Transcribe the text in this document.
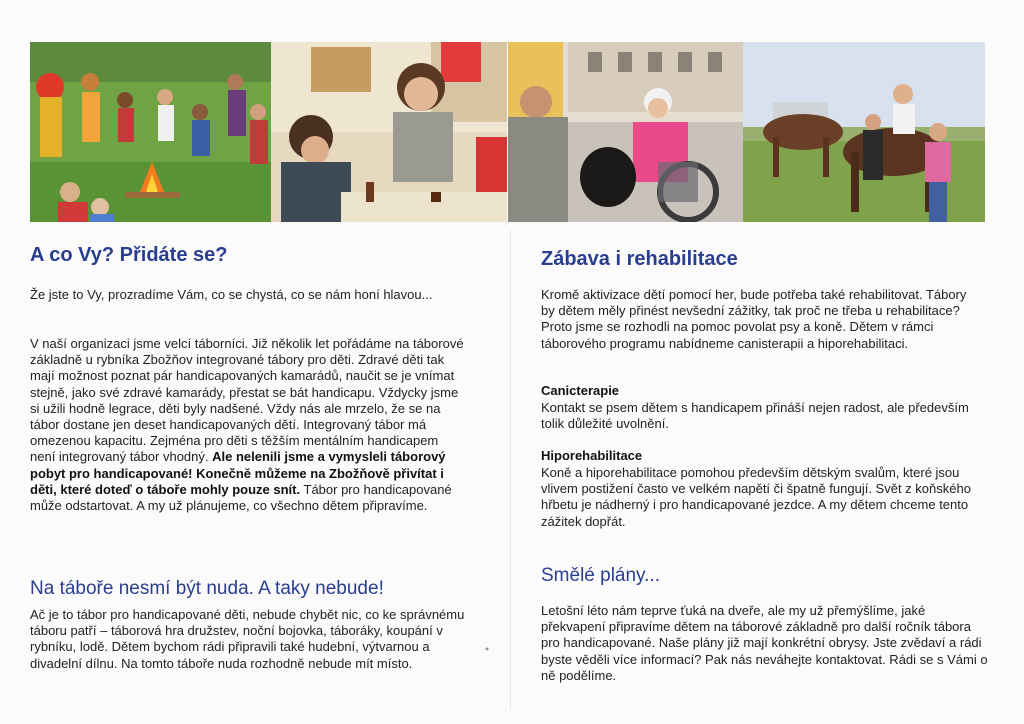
A co Vy? Přidáte se?

Že jste to Vy, prozradíme Vám, co se chystá, co se nám honí hlavou...

V naší organizaci jsme velcí táborníci. Již několik let pořádáme na táborové základně u rybníka Zbožňov integrované tábory pro děti. Zdravé děti tak mají možnost poznat pár handicapovaných kamarádů, naučit se je vnímat stejně, jako své zdravé kamarády, přestat se bát handicapu. Vždycky jsme si užili hodně legrace, děti byly nadšené. Vždy nás ale mrzelo, že se na tábor dostane jen deset handicapovaných dětí. Integrovaný tábor má omezenou kapacitu. Zejména pro děti s těžším mentálním handicapem není integrovaný tábor vhodný. Ale nelenili jsme a vymysleli táborový pobyt pro handicapované! Konečně můžeme na Zbožňově přivítat i děti, které doteď o táboře mohly pouze snít. Tábor pro handicapované může odstartovat. A my už plánujeme, co všechno dětem připravíme.

Na táboře nesmí být nuda. A taky nebude!

Ač je to tábor pro handicapované děti, nebude chybět nic, co ke správnému táboru patří – táborová hra družstev, noční bojovka, táboráky, koupání v rybníku, lodě. Dětem bychom rádi připravili také hudební, výtvarnou a divadelní dílnu. Na tomto táboře nuda rozhodně nebude mít místo.

Zábava i rehabilitace

Kromě aktivizace dětí pomocí her, bude potřeba také rehabilitovat. Tábory by dětem měly přinést nevšední zážitky, tak proč ne třeba u rehabilitace? Proto jsme se rozhodli na pomoc povolat psy a koně. Dětem v rámci táborového programu nabídneme canisterapii a hiporehabilitaci.

Canicterapie

Kontakt se psem dětem s handicapem přináší nejen radost, ale především tolik důležité uvolnění.

Hiporehabilitace

Koně a hiporehabilitace pomohou především dětským svalům, které jsou vlivem postižení často ve velkém napětí či špatně fungují. Svět z koňského hřbetu je nádherný i pro handicapované jezdce. A my dětem chceme tento zážitek dopřát.

Smělé plány...

Letošní léto nám teprve ťuká na dveře, ale my už přemýšlíme, jaké překvapení připravíme dětem na táborové základně pro další ročník tábora pro handicapované. Naše plány již mají konkrétní obrysy. Jste zvědaví a rádi byste věděli více informací? Pak nás neváhejte kontaktovat. Rádi se s Vámi o ně podělíme.
